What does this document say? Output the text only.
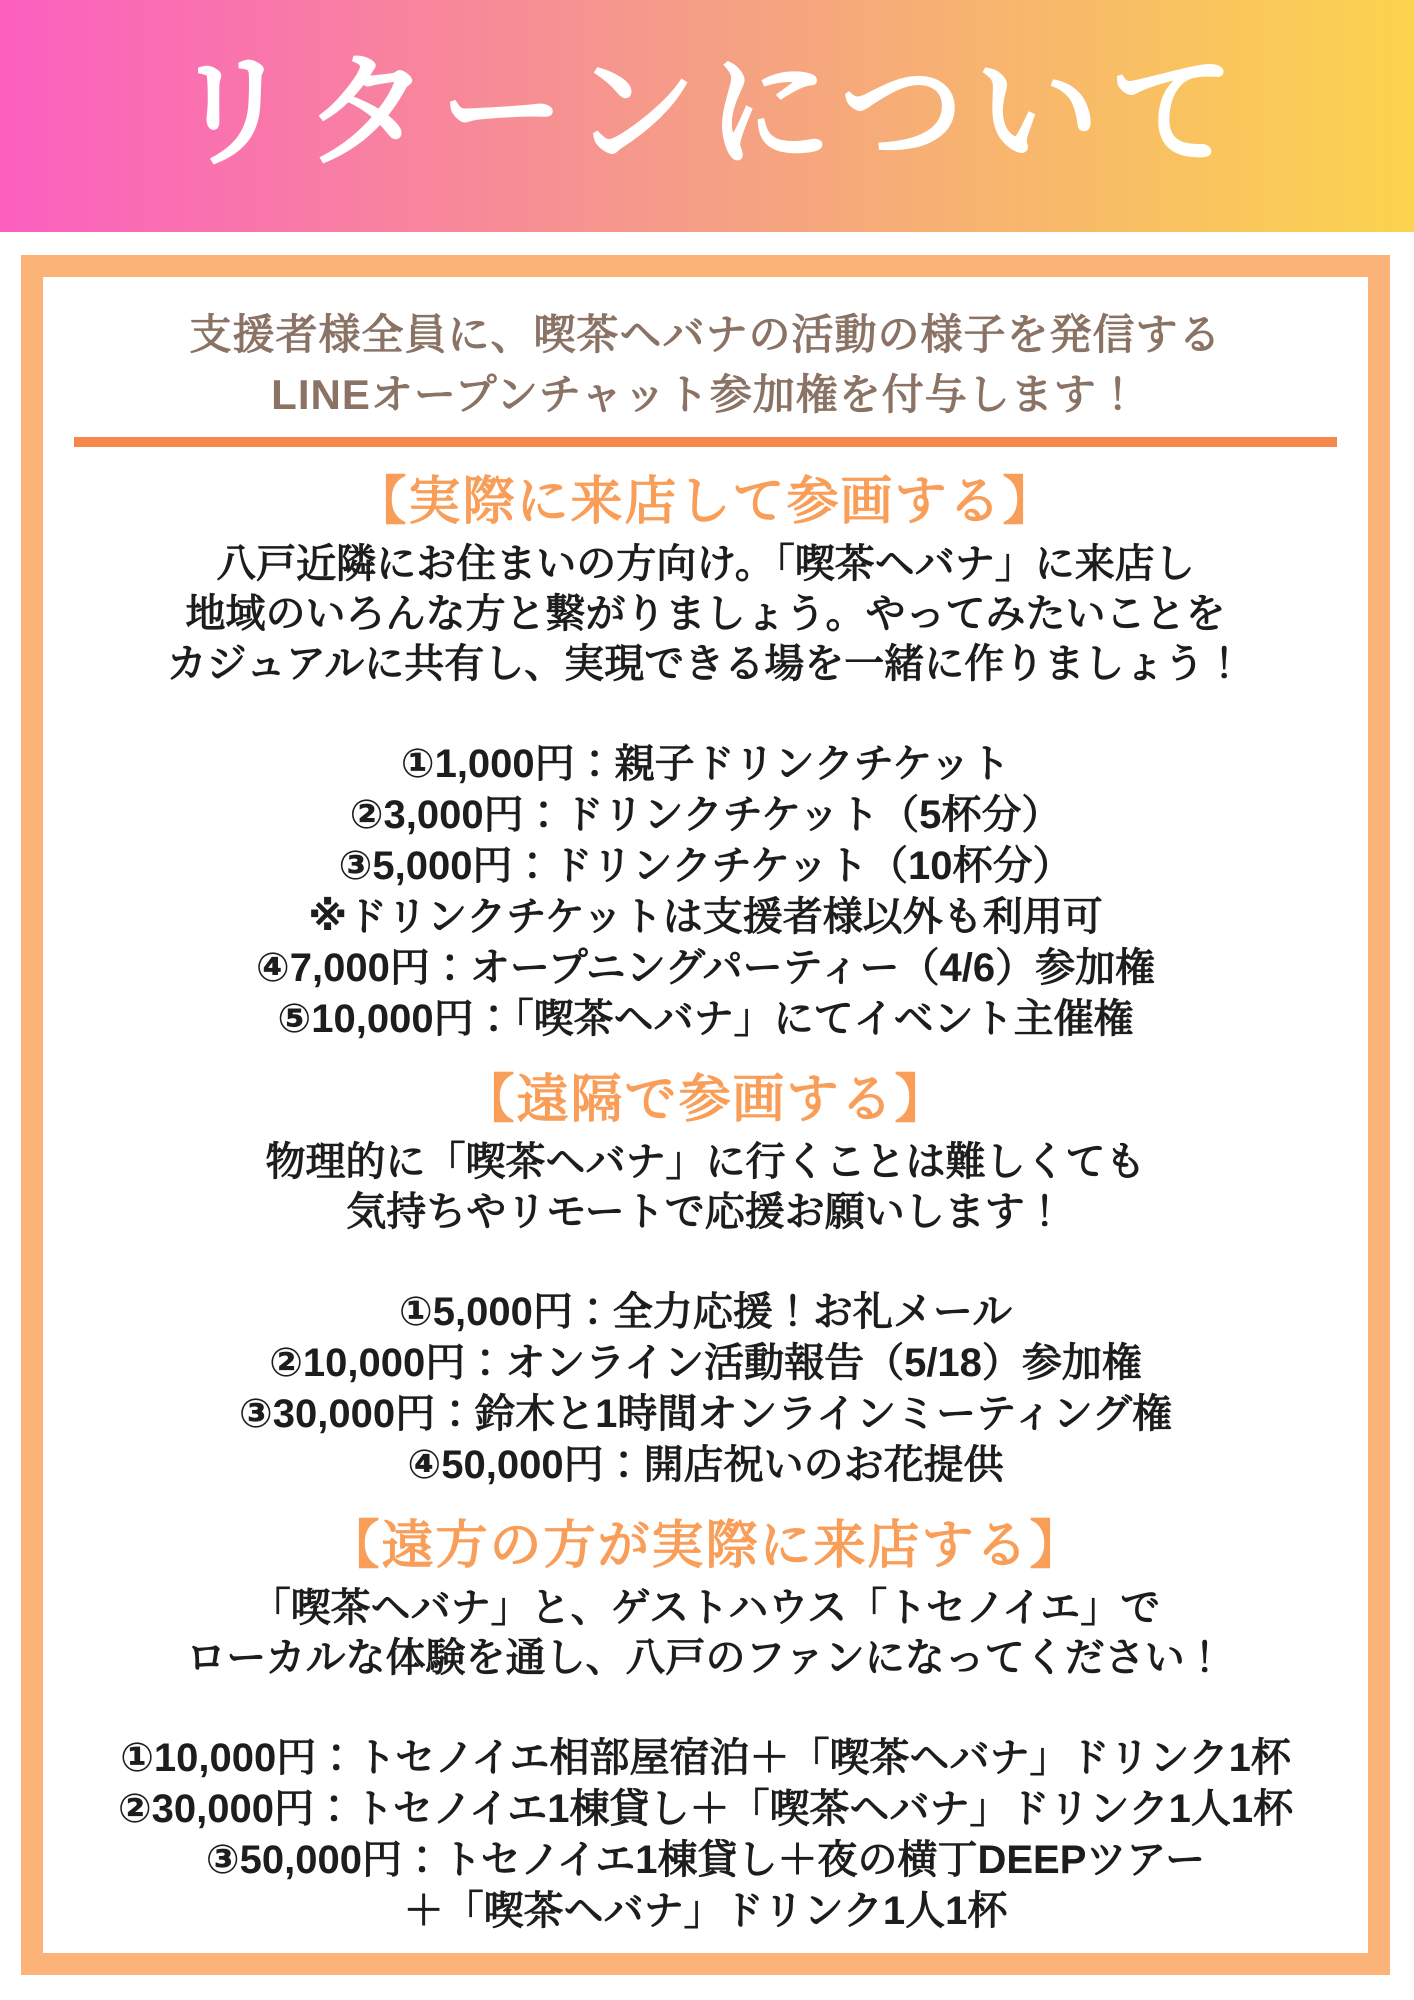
リターンについて

支援者様全員に、喫茶ヘバナの活動の様子を発信する
LINEオープンチャット参加権を付与します！

【実際に来店して参画する】

八戸近隣にお住まいの方向け。「喫茶ヘバナ」に来店し
地域のいろんな方と繋がりましょう。やってみたいことを
カジュアルに共有し、実現できる場を一緒に作りましょう！

①1,000円：親子ドリンクチケット
②3,000円：ドリンクチケット（5杯分）
③5,000円：ドリンクチケット（10杯分）
※ドリンクチケットは支援者様以外も利用可
④7,000円：オープニングパーティー（4/6）参加権
⑤10,000円：「喫茶ヘバナ」にてイベント主催権

【遠隔で参画する】

物理的に「喫茶ヘバナ」に行くことは難しくても
気持ちやリモートで応援お願いします！

①5,000円：全力応援！お礼メール
②10,000円：オンライン活動報告（5/18）参加権
③30,000円：鈴木と1時間オンラインミーティング権
④50,000円：開店祝いのお花提供

【遠方の方が実際に来店する】

「喫茶ヘバナ」と、ゲストハウス「トセノイエ」で
ローカルな体験を通し、八戸のファンになってください！

①10,000円：トセノイエ相部屋宿泊＋「喫茶ヘバナ」ドリンク1杯
②30,000円：トセノイエ1棟貸し＋「喫茶ヘバナ」ドリンク1人1杯
③50,000円：トセノイエ1棟貸し＋夜の横丁DEEPツアー
＋「喫茶ヘバナ」ドリンク1人1杯
